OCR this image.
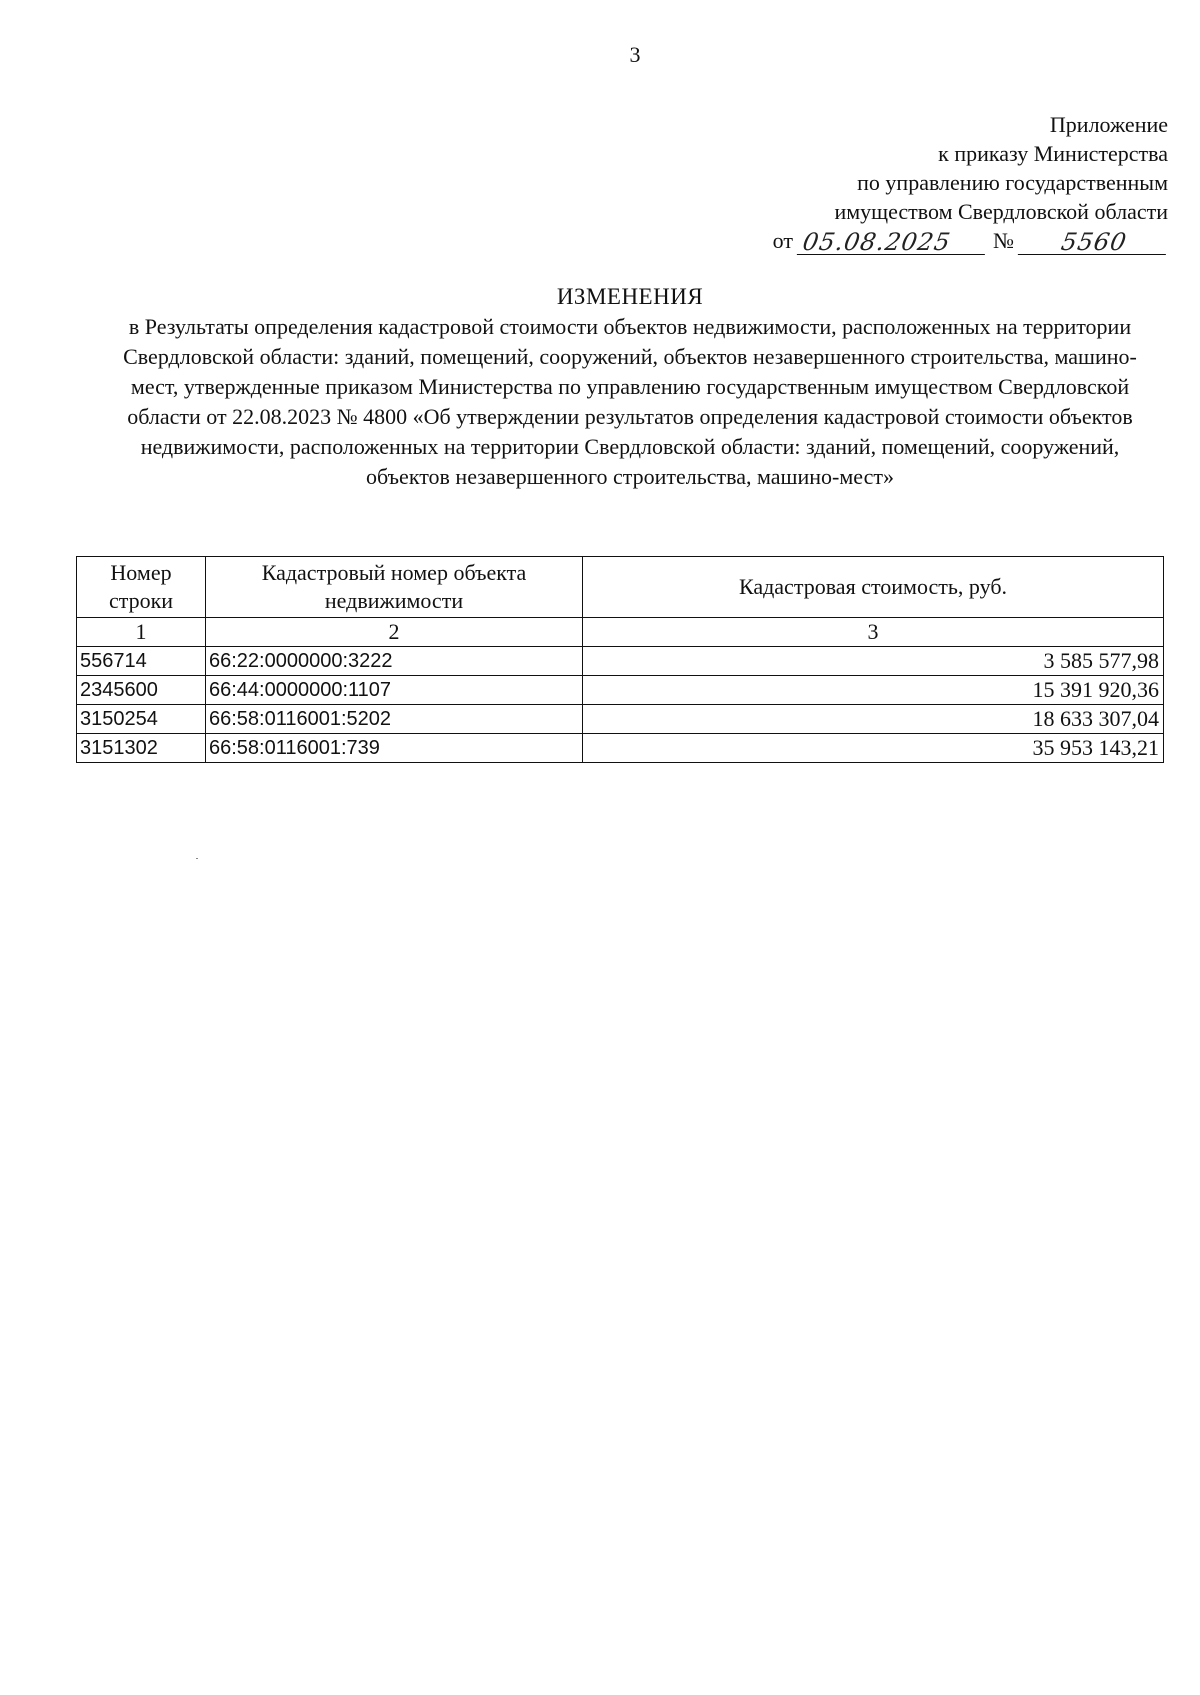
3
Приложение
к приказу Министерства
по управлению государственным
имуществом Свердловской области
от 05.08.2025	№	5560
ИЗМЕНЕНИЯ
в Результаты определения кадастровой стоимости объектов недвижимости, расположенных на территории Свердловской области: зданий, помещений, сооружений, объектов незавершенного строительства, машино-мест, утвержденные приказом Министерства по управлению государственным имуществом Свердловской области от 22.08.2023 № 4800 «Об утверждении результатов определения кадастровой стоимости объектов недвижимости, расположенных на территории Свердловской области: зданий, помещений, сооружений, объектов незавершенного строительства, машино-мест»
Номер строки	Кадастровый номер объекта недвижимости	Кадастровая стоимость, руб.
1	2	3
556714	66:22:0000000:3222	3 585 577,98
2345600	66:44:0000000:1107	15 391 920,36
3150254	66:58:0116001:5202	18 633 307,04
3151302	66:58:0116001:739	35 953 143,21
